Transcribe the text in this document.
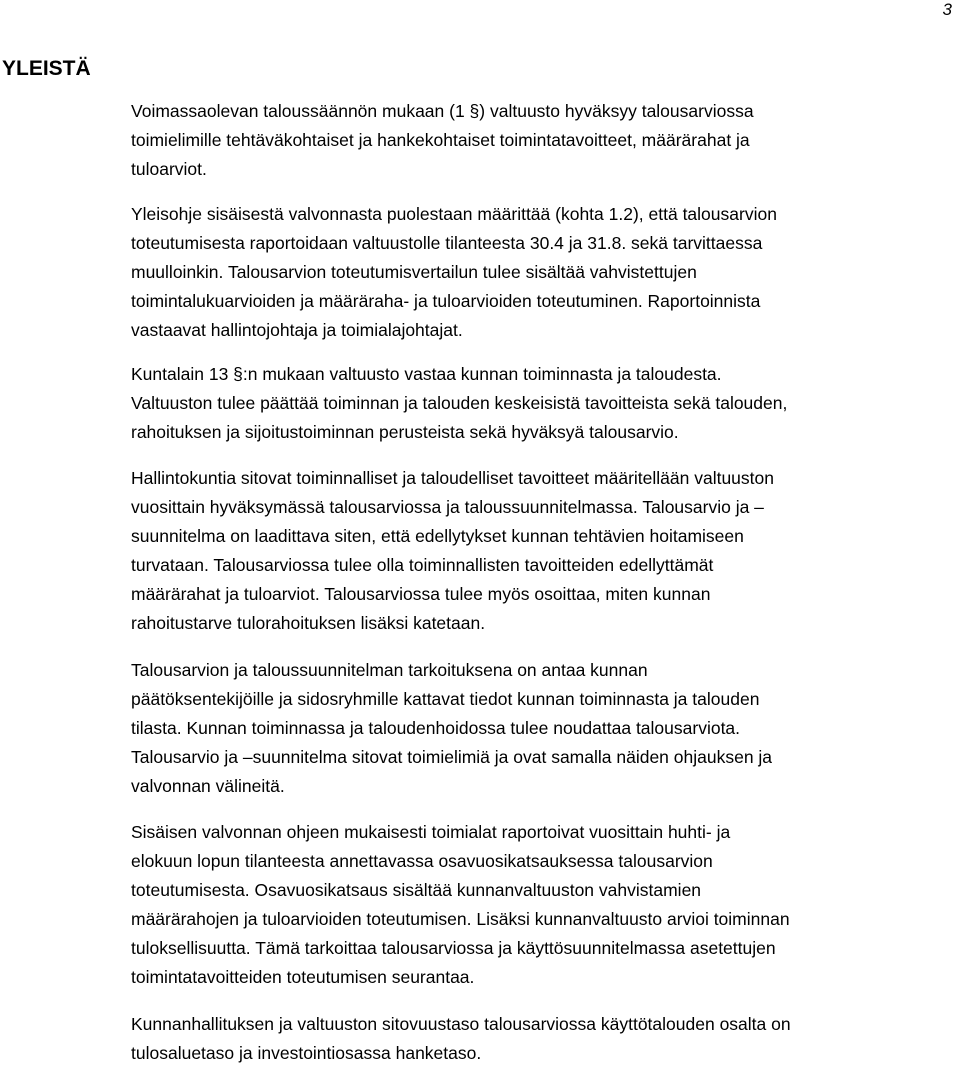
3
YLEISTÄ

Voimassaolevan taloussäännön mukaan (1 §) valtuusto hyväksyy talousarviossa
toimielimille tehtäväkohtaiset ja hankekohtaiset toimintatavoitteet, määrärahat ja
tuloarviot.

Yleisohje sisäisestä valvonnasta puolestaan määrittää (kohta 1.2), että talousarvion
toteutumisesta raportoidaan valtuustolle tilanteesta 30.4 ja 31.8. sekä tarvittaessa
muulloinkin. Talousarvion toteutumisvertailun tulee sisältää vahvistettujen
toimintalukuarvioiden ja määräraha- ja tuloarvioiden toteutuminen. Raportoinnista
vastaavat hallintojohtaja ja toimialajohtajat.

Kuntalain 13 §:n mukaan valtuusto vastaa kunnan toiminnasta ja taloudesta.
Valtuuston tulee päättää toiminnan ja talouden keskeisistä tavoitteista sekä talouden,
rahoituksen ja sijoitustoiminnan perusteista sekä hyväksyä talousarvio.

Hallintokuntia sitovat toiminnalliset ja taloudelliset tavoitteet määritellään valtuuston
vuosittain hyväksymässä talousarviossa ja taloussuunnitelmassa. Talousarvio ja –
suunnitelma on laadittava siten, että edellytykset kunnan tehtävien hoitamiseen
turvataan. Talousarviossa tulee olla toiminnallisten tavoitteiden edellyttämät
määrärahat ja tuloarviot. Talousarviossa tulee myös osoittaa, miten kunnan
rahoitustarve tulorahoituksen lisäksi katetaan.

Talousarvion ja taloussuunnitelman tarkoituksena on antaa kunnan
päätöksentekijöille ja sidosryhmille kattavat tiedot kunnan toiminnasta ja talouden
tilasta. Kunnan toiminnassa ja taloudenhoidossa tulee noudattaa talousarviota.
Talousarvio ja –suunnitelma sitovat toimielimiä ja ovat samalla näiden ohjauksen ja
valvonnan välineitä.

Sisäisen valvonnan ohjeen mukaisesti toimialat raportoivat vuosittain huhti- ja
elokuun lopun tilanteesta annettavassa osavuosikatsauksessa talousarvion
toteutumisesta. Osavuosikatsaus sisältää kunnanvaltuuston vahvistamien
määrärahojen ja tuloarvioiden toteutumisen. Lisäksi kunnanvaltuusto arvioi toiminnan
tuloksellisuutta. Tämä tarkoittaa talousarviossa ja käyttösuunnitelmassa asetettujen
toimintatavoitteiden toteutumisen seurantaa.

Kunnanhallituksen ja valtuuston sitovuustaso talousarviossa käyttötalouden osalta on
tulosaluetaso ja investointiosassa hanketaso.
